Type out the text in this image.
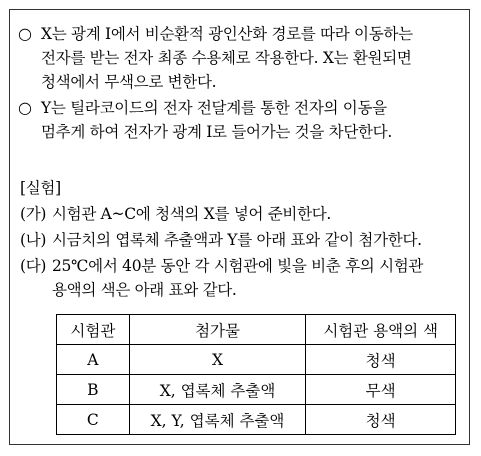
○ X는 광계 Ⅰ에서 비순환적 광인산화 경로를 따라 이동하는
전자를 받는 전자 최종 수용체로 작용한다. X는 환원되면
청색에서 무색으로 변한다.
○ Y는 틸라코이드의 전자 전달계를 통한 전자의 이동을
멈추게 하여 전자가 광계 Ⅰ로 들어가는 것을 차단한다.
[실험]
(가) 시험관 A~C에 청색의 X를 넣어 준비한다.
(나) 시금치의 엽록체 추출액과 Y를 아래 표와 같이 첨가한다.
(다) 25℃에서 40분 동안 각 시험관에 빛을 비춘 후의 시험관
용액의 색은 아래 표와 같다.
시험관	첨가물	시험관 용액의 색
A	X	청색
B	X, 엽록체 추출액	무색
C	X, Y, 엽록체 추출액	청색
